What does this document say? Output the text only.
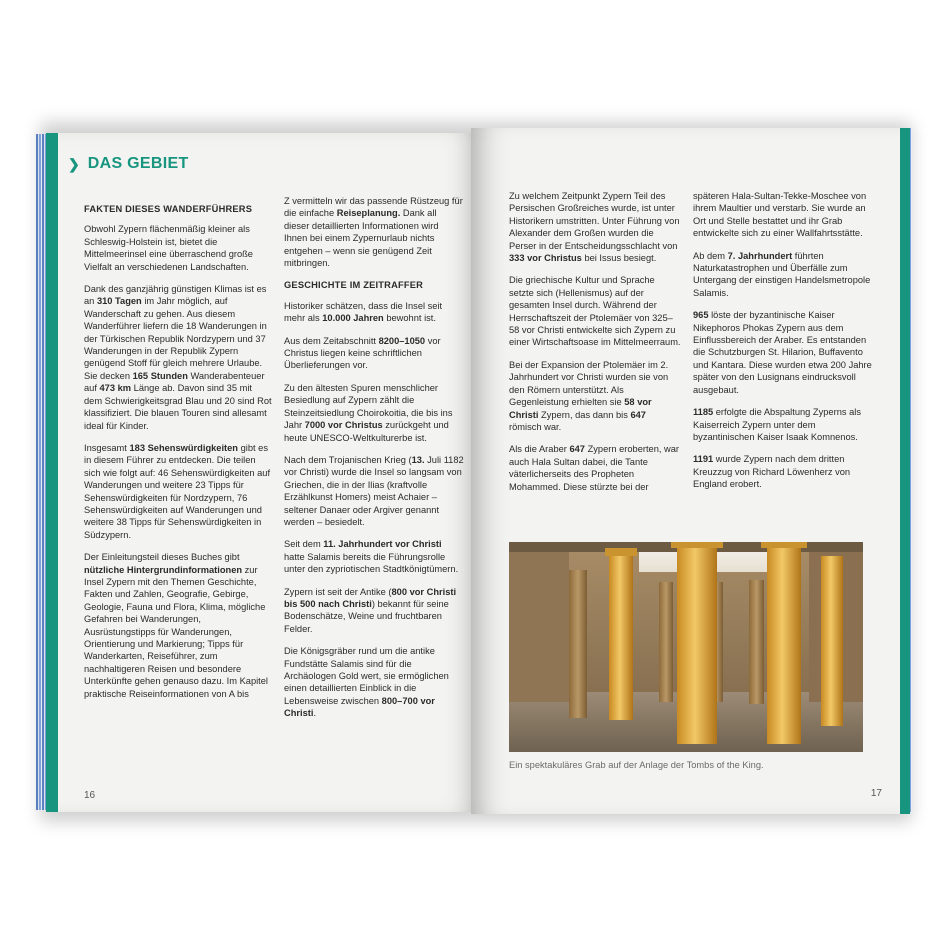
❯ DAS GEBIET
FAKTEN DIESES WANDERFÜHRERS

Obwohl Zypern flächenmäßig kleiner als Schleswig-Holstein ist, bietet die Mittelmeerinsel eine überraschend große Vielfalt an verschiedenen Landschaften.

Dank des ganzjährig günstigen Klimas ist es an 310 Tagen im Jahr möglich, auf Wanderschaft zu gehen. Aus diesem Wanderführer liefern die 18 Wanderungen in der Türkischen Republik Nordzypern und 37 Wanderungen in der Republik Zypern genügend Stoff für gleich mehrere Urlaube. Sie decken 165 Stunden Wanderabenteuer auf 473 km Länge ab. Davon sind 35 mit dem Schwierigkeitsgrad Blau und 20 sind Rot klassifiziert. Die blauen Touren sind allesamt ideal für Kinder.

Insgesamt 183 Sehenswürdigkeiten gibt es in diesem Führer zu entdecken. Die teilen sich wie folgt auf: 46 Sehenswürdigkeiten auf Wanderungen und weitere 23 Tipps für Sehenswürdigkeiten für Nordzypern, 76 Sehenswürdigkeiten auf Wanderungen und weitere 38 Tipps für Sehenswürdigkeiten in Südzypern.

Der Einleitungsteil dieses Buches gibt nützliche Hintergrundinformationen zur Insel Zypern mit den Themen Geschichte, Fakten und Zahlen, Geografie, Gebirge, Geologie, Fauna und Flora, Klima, mögliche Gefahren bei Wanderungen, Ausrüstungstipps für Wanderungen, Orientierung und Markierung; Tipps für Wanderkarten, Reiseführer, zum nachhaltigeren Reisen und besondere Unterkünfte gehen genauso dazu. Im Kapitel praktische Reiseinformationen von A bis

Z vermitteln wir das passende Rüstzeug für die einfache Reiseplanung. Dank all dieser detaillierten Informationen wird Ihnen bei einem Zypernurlaub nichts entgehen – wenn sie genügend Zeit mitbringen.

GESCHICHTE IM ZEITRAFFER

Historiker schätzen, dass die Insel seit mehr als 10.000 Jahren bewohnt ist.

Aus dem Zeitabschnitt 8200–1050 vor Christus liegen keine schriftlichen Überlieferungen vor.

Zu den ältesten Spuren menschlicher Besiedlung auf Zypern zählt die Steinzeitsiedlung Choirokoitia, die bis ins Jahr 7000 vor Christus zurückgeht und heute UNESCO-Weltkulturerbe ist.

Nach dem Trojanischen Krieg (13. Juli 1182 vor Christi) wurde die Insel so langsam von Griechen, die in der Ilias (kraftvolle Erzählkunst Homers) meist Achaier – seltener Danaer oder Argiver genannt werden – besiedelt.

Seit dem 11. Jahrhundert vor Christi hatte Salamis bereits die Führungsrolle unter den zypriotischen Stadtkönigtümern.

Zypern ist seit der Antike (800 vor Christi bis 500 nach Christi) bekannt für seine Bodenschätze, Weine und fruchtbaren Felder.

Die Königsgräber rund um die antike Fundstätte Salamis sind für die Archäologen Gold wert, sie ermöglichen einen detaillierten Einblick in die Lebensweise zwischen 800–700 vor Christi.

16

Zu welchem Zeitpunkt Zypern Teil des Persischen Großreiches wurde, ist unter Historikern umstritten. Unter Führung von Alexander dem Großen wurden die Perser in der Entscheidungsschlacht von 333 vor Christus bei Issus besiegt.

Die griechische Kultur und Sprache setzte sich (Hellenismus) auf der gesamten Insel durch. Während der Herrschaftszeit der Ptolemäer von 325–58 vor Christi entwickelte sich Zypern zu einer Wirtschaftsoase im Mittelmeerraum.

Bei der Expansion der Ptolemäer im 2. Jahrhundert vor Christi wurden sie von den Römern unterstützt. Als Gegenleistung erhielten sie 58 vor Christi Zypern, das dann bis 647 römisch war.

Als die Araber 647 Zypern eroberten, war auch Hala Sultan dabei, die Tante väterlicherseits des Propheten Mohammed. Diese stürzte bei der

späteren Hala-Sultan-Tekke-Moschee von ihrem Maultier und verstarb. Sie wurde an Ort und Stelle bestattet und ihr Grab entwickelte sich zu einer Wallfahrtsstätte.

Ab dem 7. Jahrhundert führten Naturkatastrophen und Überfälle zum Untergang der einstigen Handelsmetropole Salamis.

965 löste der byzantinische Kaiser Nikephoros Phokas Zypern aus dem Einflussbereich der Araber. Es entstanden die Schutzburgen St. Hilarion, Buffavento und Kantara. Diese wurden etwa 200 Jahre später von den Lusignans eindrucksvoll ausgebaut.

1185 erfolgte die Abspaltung Zyperns als Kaiserreich Zypern unter dem byzantinischen Kaiser Isaak Komnenos.

1191 wurde Zypern nach dem dritten Kreuzzug von Richard Löwenherz von England erobert.

Ein spektakuläres Grab auf der Anlage der Tombs of the King.
17
